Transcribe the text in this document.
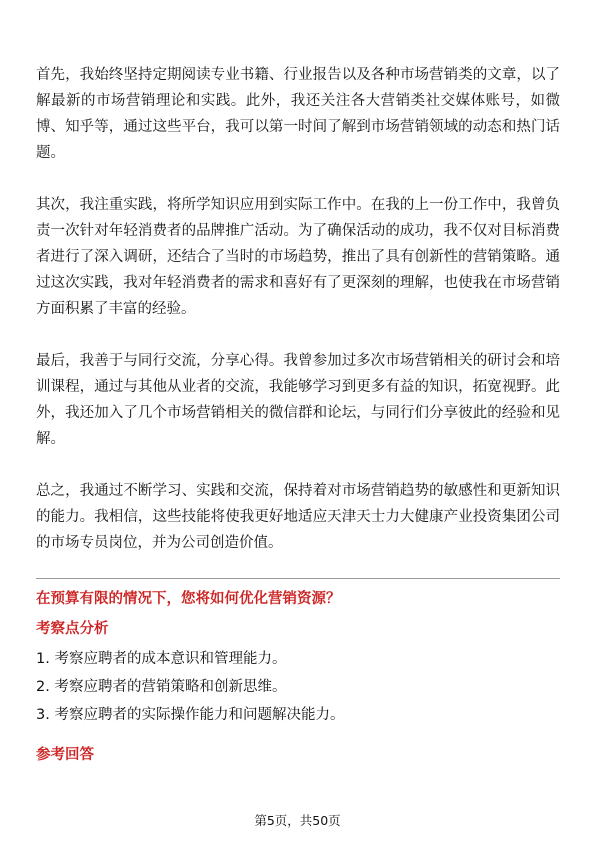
首先，我始终坚持定期阅读专业书籍、行业报告以及各种市场营销类的文章，以了解最新的市场营销理论和实践。此外，我还关注各大营销类社交媒体账号，如微博、知乎等，通过这些平台，我可以第一时间了解到市场营销领域的动态和热门话题。

其次，我注重实践，将所学知识应用到实际工作中。在我的上一份工作中，我曾负责一次针对年轻消费者的品牌推广活动。为了确保活动的成功，我不仅对目标消费者进行了深入调研，还结合了当时的市场趋势，推出了具有创新性的营销策略。通过这次实践，我对年轻消费者的需求和喜好有了更深刻的理解，也使我在市场营销方面积累了丰富的经验。

最后，我善于与同行交流，分享心得。我曾参加过多次市场营销相关的研讨会和培训课程，通过与其他从业者的交流，我能够学习到更多有益的知识，拓宽视野。此外，我还加入了几个市场营销相关的微信群和论坛，与同行们分享彼此的经验和见解。

总之，我通过不断学习、实践和交流，保持着对市场营销趋势的敏感性和更新知识的能力。我相信，这些技能将使我更好地适应天津天士力大健康产业投资集团公司的市场专员岗位，并为公司创造价值。

在预算有限的情况下，您将如何优化营销资源？
考察点分析

1. 考察应聘者的成本意识和管理能力。

2. 考察应聘者的营销策略和创新思维。

3. 考察应聘者的实际操作能力和问题解决能力。

参考回答
第5页，共50页
